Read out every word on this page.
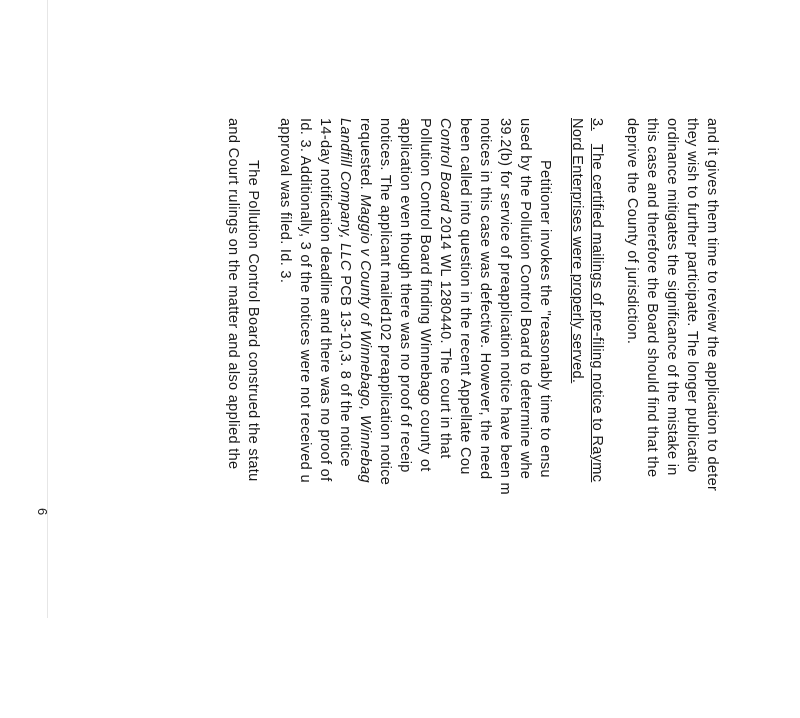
and it gives them time to review the application to deter
they wish to further participate. The longer publicatio
ordinance mitigates the significance of the mistake in
this case and therefore the Board should find that the
deprive the County of jurisdiction.
3.   The certified mailings of pre-filing notice to Raymc
Nord Enterprises were properly served.
Petitioner invokes the "reasonably time to ensu
used by the Pollution Control Board to determine whe
39.2(b) for service of preapplication notice have been m
notices in this case was defective. However, the need
been called into question in the recent Appellate Cou
Control Board 2014 WL 1280440. The court in that
Pollution Control Board finding Winnebago county ot
application even though there was no proof of receip
notices. The applicant mailed102 preapplication notice
requested. Maggio v County of Winnebago, Winnebag
Landfill Company, LLC PCB 13-10,3. 8 of the notice
14-day notification deadline and there was no proof of
Id. 3. Additionally, 3 of the notices were not received u
approval was filed. Id. 3.
The Pollution Control Board construed the statu
and Court rulings on the matter and also applied the
6
